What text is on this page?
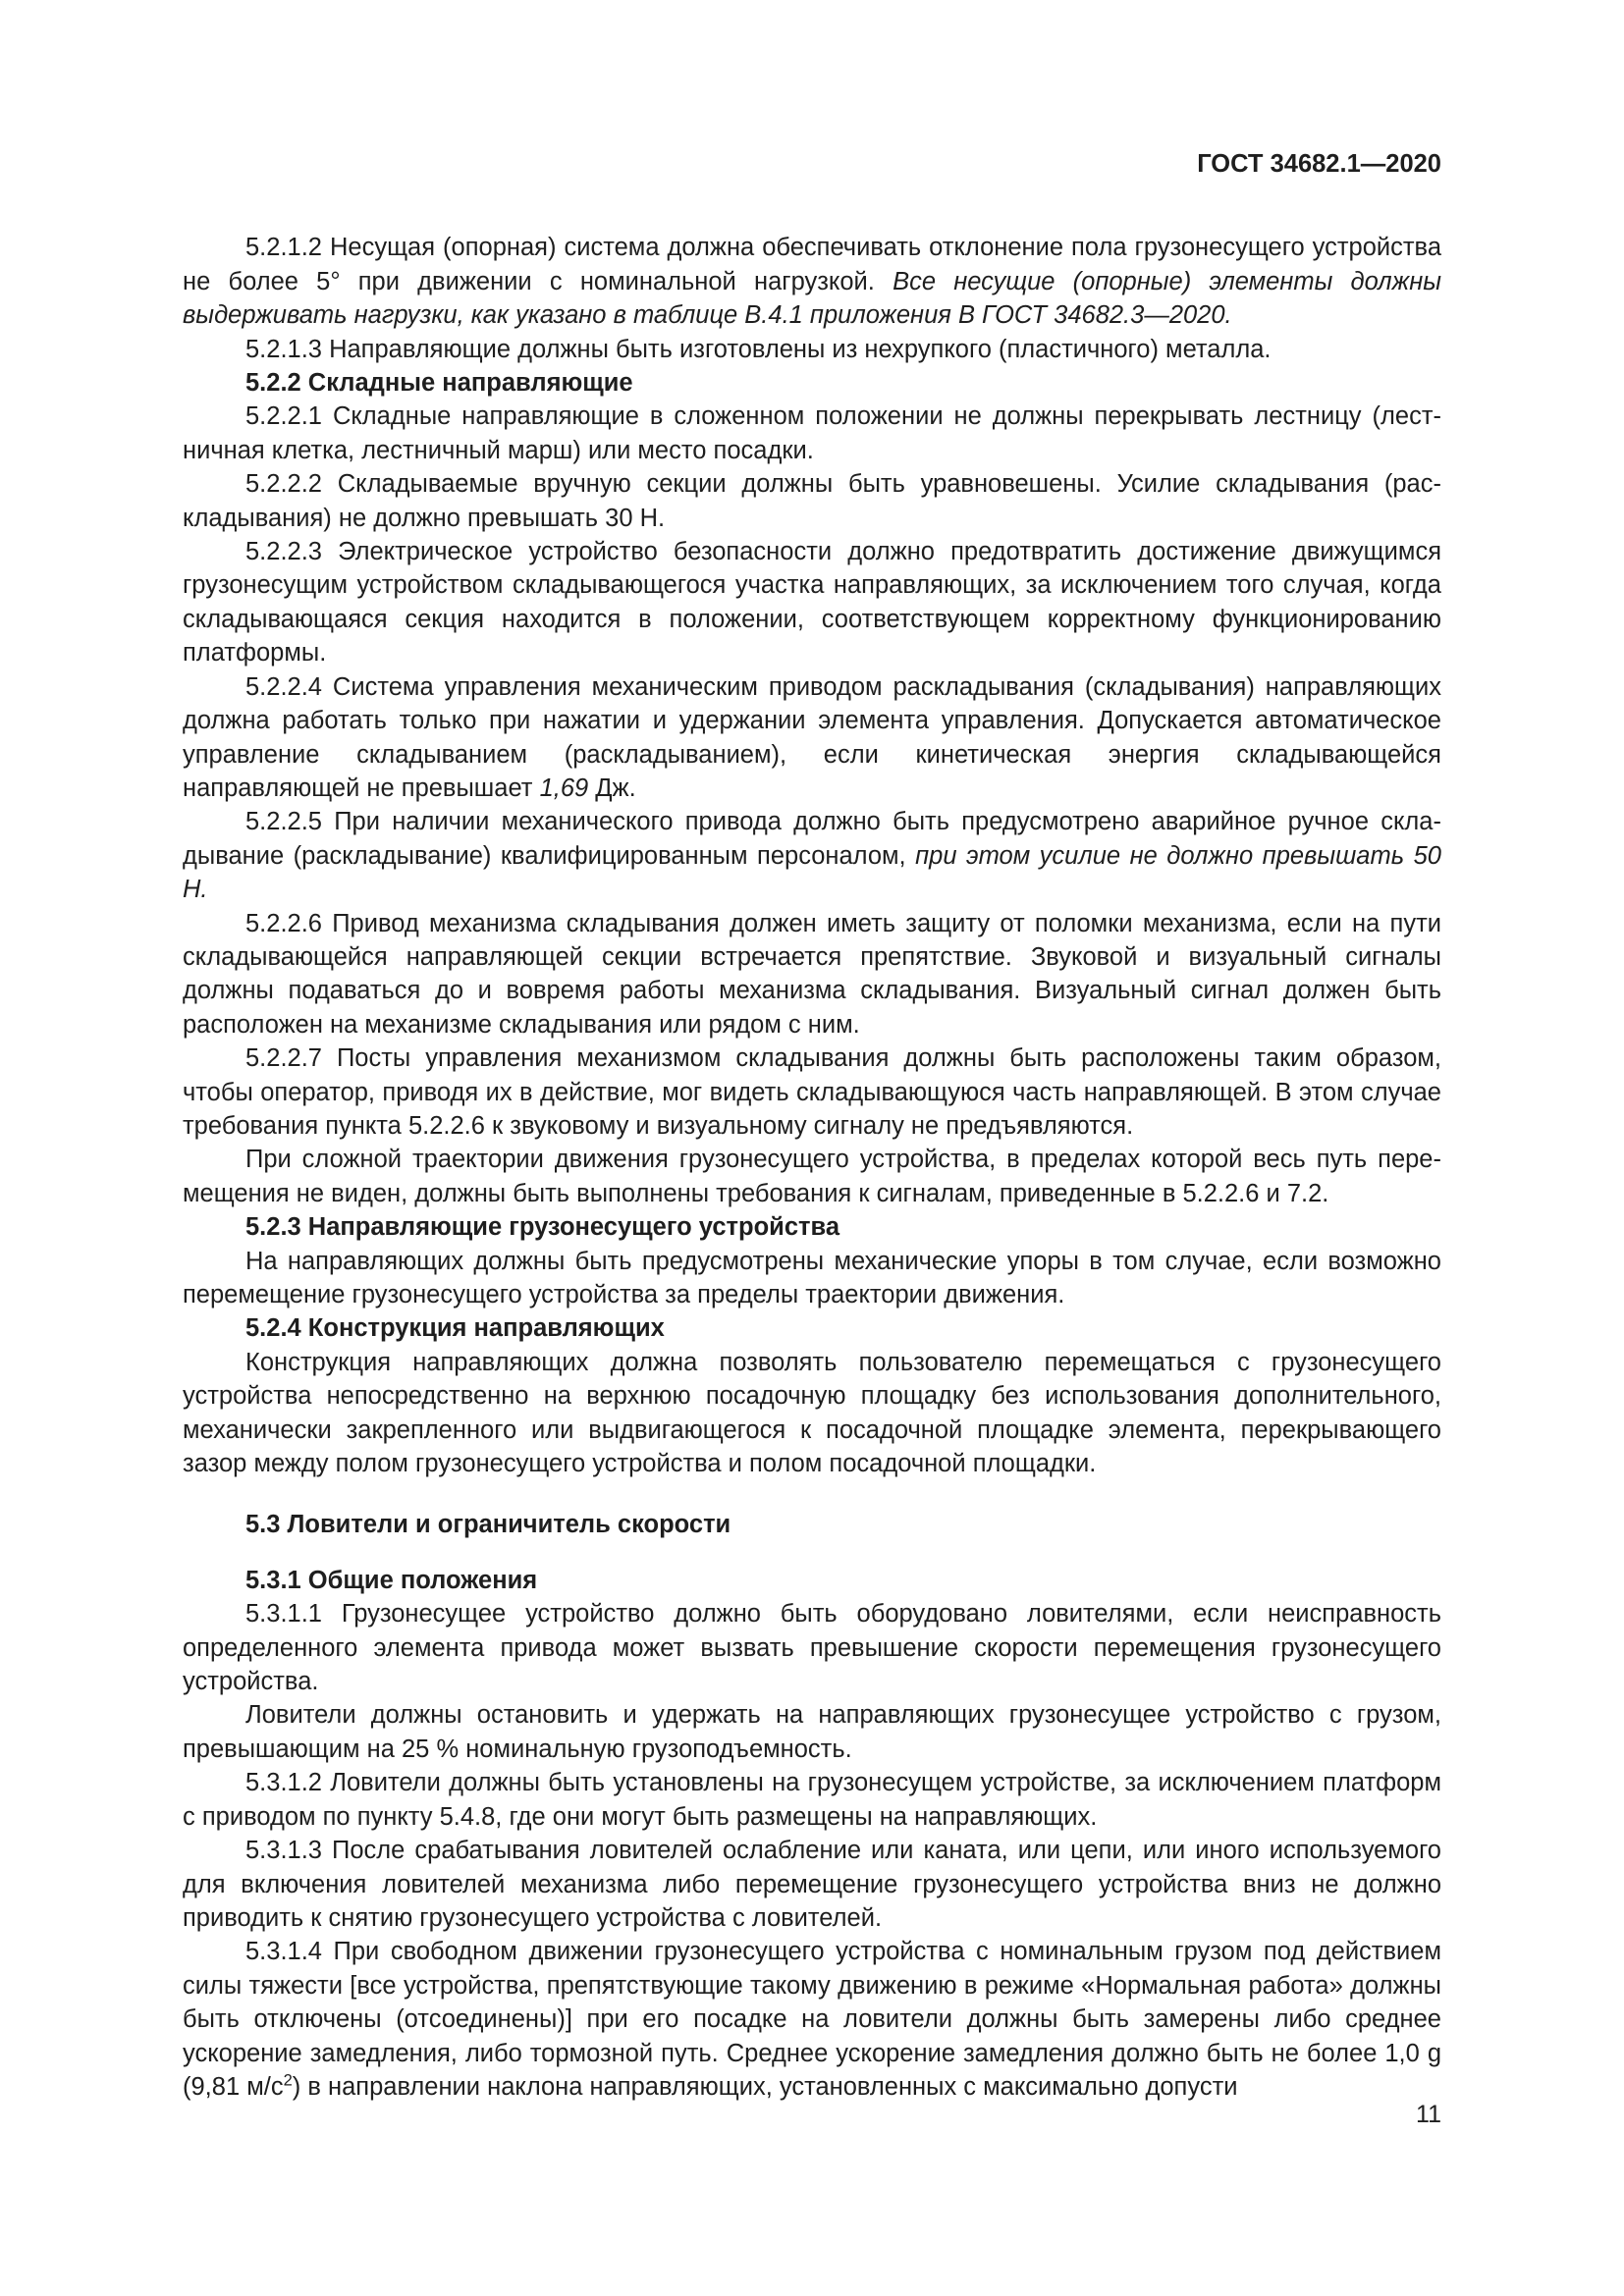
ГОСТ 34682.1—2020

5.2.1.2 Несущая (опорная) система должна обеспечивать отклонение пола грузонесущего устройства не более 5° при движении с номинальной нагрузкой. Все несущие (опорные) элементы должны выдерживать нагрузки, как указано в таблице В.4.1 приложения В ГОСТ 34682.3—2020.

5.2.1.3 Направляющие должны быть изготовлены из нехрупкого (пластичного) металла.

5.2.2 Складные направляющие

5.2.2.1 Складные направляющие в сложенном положении не должны перекрывать лестницу (лестничная клетка, лестничный марш) или место посадки.

5.2.2.2 Складываемые вручную секции должны быть уравновешены. Усилие складывания (раскладывания) не должно превышать 30 Н.

5.2.2.3 Электрическое устройство безопасности должно предотвратить достижение движущимся грузонесущим устройством складывающегося участка направляющих, за исключением того случая, когда складывающаяся секция находится в положении, соответствующем корректному функционированию платформы.

5.2.2.4 Система управления механическим приводом раскладывания (складывания) направляющих должна работать только при нажатии и удержании элемента управления. Допускается автоматическое управление складыванием (раскладыванием), если кинетическая энергия складывающейся направляющей не превышает 1,69 Дж.

5.2.2.5 При наличии механического привода должно быть предусмотрено аварийное ручное складывание (раскладывание) квалифицированным персоналом, при этом усилие не должно превышать 50 Н.

5.2.2.6 Привод механизма складывания должен иметь защиту от поломки механизма, если на пути складывающейся направляющей секции встречается препятствие. Звуковой и визуальный сигналы должны подаваться до и вовремя работы механизма складывания. Визуальный сигнал должен быть расположен на механизме складывания или рядом с ним.

5.2.2.7 Посты управления механизмом складывания должны быть расположены таким образом, чтобы оператор, приводя их в действие, мог видеть складывающуюся часть направляющей. В этом случае требования пункта 5.2.2.6 к звуковому и визуальному сигналу не предъявляются.

При сложной траектории движения грузонесущего устройства, в пределах которой весь путь перемещения не виден, должны быть выполнены требования к сигналам, приведенные в 5.2.2.6 и 7.2.

5.2.3 Направляющие грузонесущего устройства

На направляющих должны быть предусмотрены механические упоры в том случае, если возможно перемещение грузонесущего устройства за пределы траектории движения.

5.2.4 Конструкция направляющих

Конструкция направляющих должна позволять пользователю перемещаться с грузонесущего устройства непосредственно на верхнюю посадочную площадку без использования дополнительного, механически закрепленного или выдвигающегося к посадочной площадке элемента, перекрывающего зазор между полом грузонесущего устройства и полом посадочной площадки.

5.3 Ловители и ограничитель скорости
5.3.1 Общие положения

5.3.1.1 Грузонесущее устройство должно быть оборудовано ловителями, если неисправность определенного элемента привода может вызвать превышение скорости перемещения грузонесущего устройства.

Ловители должны остановить и удержать на направляющих грузонесущее устройство с грузом, превышающим на 25 % номинальную грузоподъемность.

5.3.1.2 Ловители должны быть установлены на грузонесущем устройстве, за исключением платформ с приводом по пункту 5.4.8, где они могут быть размещены на направляющих.

5.3.1.3 После срабатывания ловителей ослабление или каната, или цепи, или иного используемого для включения ловителей механизма либо перемещение грузонесущего устройства вниз не должно приводить к снятию грузонесущего устройства с ловителей.

5.3.1.4 При свободном движении грузонесущего устройства с номинальным грузом под действием силы тяжести [все устройства, препятствующие такому движению в режиме «Нормальная работа» должны быть отключены (отсоединены)] при его посадке на ловители должны быть замерены либо среднее ускорение замедления, либо тормозной путь. Среднее ускорение замедления должно быть не более 1,0 g (9,81 $м/с^2$) в направлении наклона направляющих, установленных с максимально допусти

11
